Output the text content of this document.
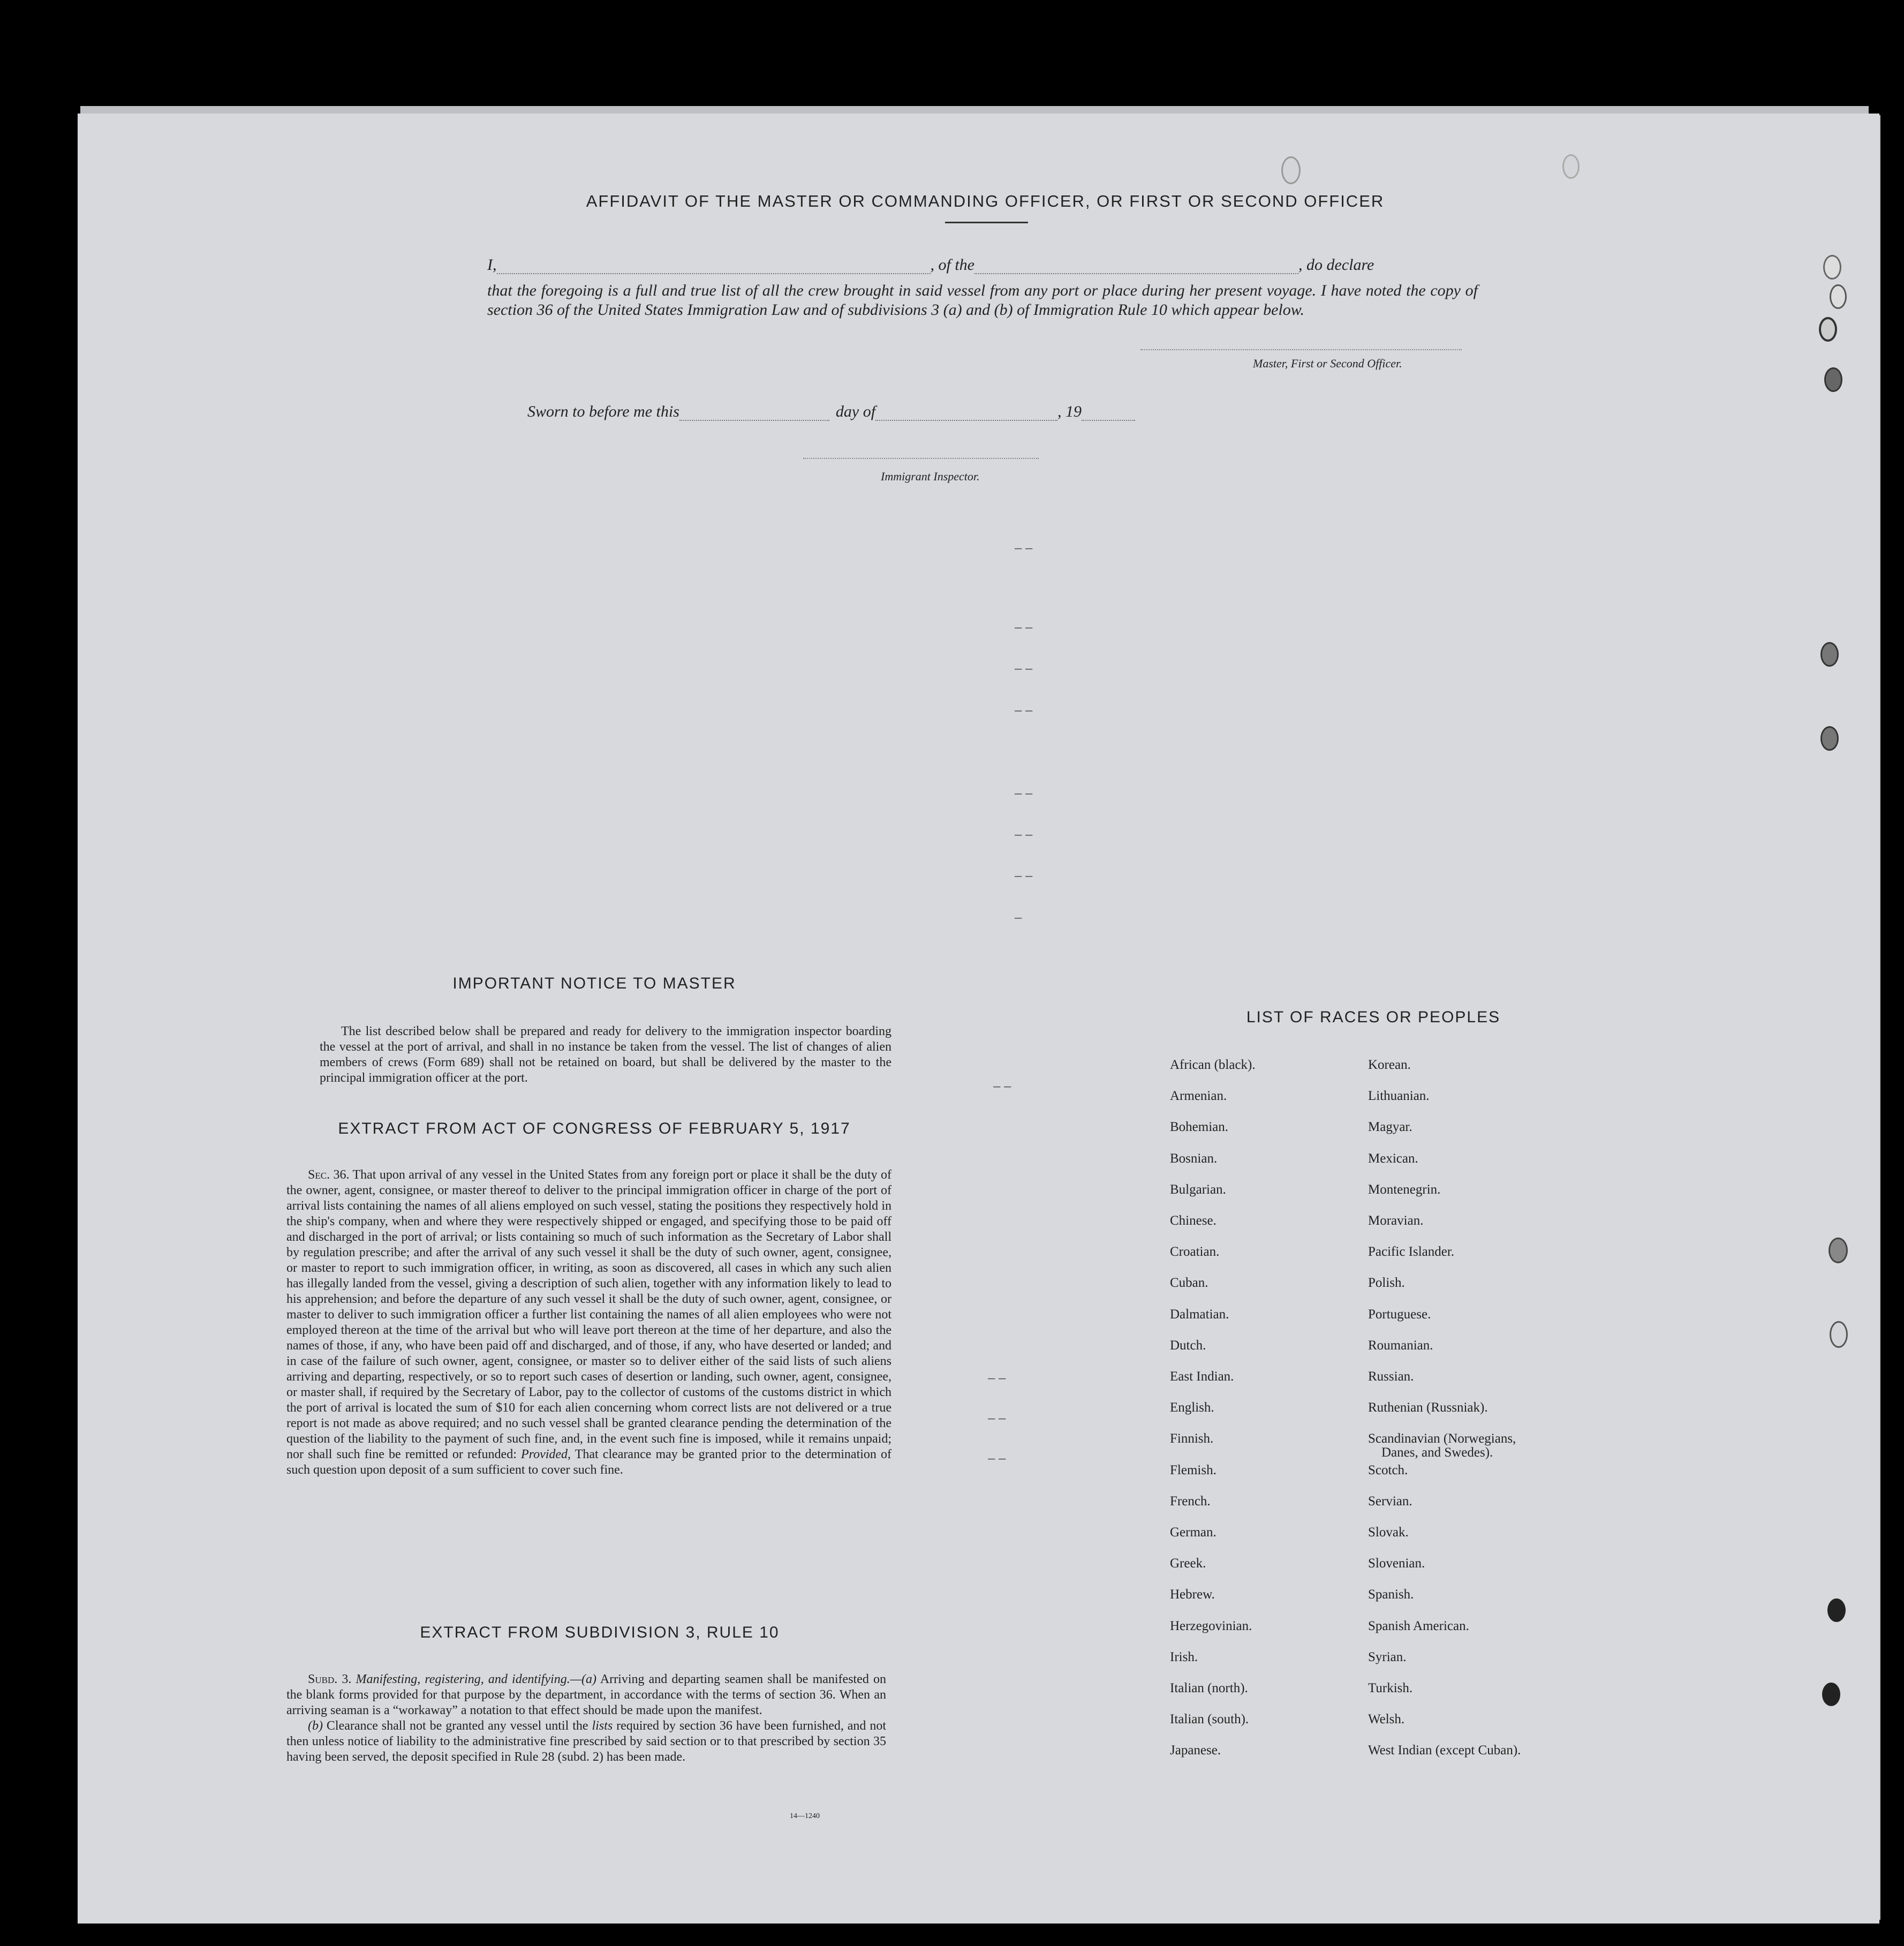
– –
– –
– –
– –
– –
– –
– –
–
– –
– –
– –
– –
AFFIDAVIT OF THE MASTER OR COMMANDING OFFICER, OR FIRST OR SECOND OFFICER
I,	, of the	, do declare
that the foregoing is a full and true list of all the crew brought in said vessel from any port or place during her present voyage. I have noted the copy of section 36 of the United States Immigration Law and of subdivisions 3 (a) and (b) of Immigration Rule 10 which appear below.
Master, First or Second Officer.
Sworn to before me this	day of	, 19
Immigrant Inspector.
IMPORTANT NOTICE TO MASTER

The list described below shall be prepared and ready for delivery to the immigration inspector boarding the vessel at the port of arrival, and shall in no instance be taken from the vessel. The list of changes of alien members of crews (Form 689) shall not be retained on board, but shall be delivered by the master to the principal immigration officer at the port.

EXTRACT FROM ACT OF CONGRESS OF FEBRUARY 5, 1917

Sec. 36. That upon arrival of any vessel in the United States from any foreign port or place it shall be the duty of the owner, agent, consignee, or master thereof to deliver to the principal immigration officer in charge of the port of arrival lists containing the names of all aliens employed on such vessel, stating the positions they respectively hold in the ship's company, when and where they were respectively shipped or engaged, and specifying those to be paid off and discharged in the port of arrival; or lists containing so much of such information as the Secretary of Labor shall by regulation prescribe; and after the arrival of any such vessel it shall be the duty of such owner, agent, consignee, or master to report to such immigration officer, in writing, as soon as discovered, all cases in which any such alien has illegally landed from the vessel, giving a description of such alien, together with any information likely to lead to his apprehension; and before the departure of any such vessel it shall be the duty of such owner, agent, consignee, or master to deliver to such immigration officer a further list containing the names of all alien employees who were not employed thereon at the time of the arrival but who will leave port thereon at the time of her departure, and also the names of those, if any, who have been paid off and discharged, and of those, if any, who have deserted or landed; and in case of the failure of such owner, agent, consignee, or master so to deliver either of the said lists of such aliens arriving and departing, respectively, or so to report such cases of desertion or landing, such owner, agent, consignee, or master shall, if required by the Secretary of Labor, pay to the collector of customs of the customs district in which the port of arrival is located the sum of $10 for each alien concerning whom correct lists are not delivered or a true report is not made as above required; and no such vessel shall be granted clearance pending the determination of the question of the liability to the payment of such fine, and, in the event such fine is imposed, while it remains unpaid; nor shall such fine be remitted or refunded: Provided, That clearance may be granted prior to the determination of such question upon deposit of a sum sufficient to cover such fine.

EXTRACT FROM SUBDIVISION 3, RULE 10

Subd. 3. Manifesting, registering, and identifying.—(a) Arriving and departing seamen shall be manifested on the blank forms provided for that purpose by the department, in accordance with the terms of section 36. When an arriving seaman is a “workaway” a notation to that effect should be made upon the manifest.

(b) Clearance shall not be granted any vessel until the lists required by section 36 have been furnished, and not then unless notice of liability to the administrative fine prescribed by said section or to that prescribed by section 35 having been served, the deposit specified in Rule 28 (subd. 2) has been made.

14—1240
LIST OF RACES OR PEOPLES
African (black).
Armenian.
Bohemian.
Bosnian.
Bulgarian.
Chinese.
Croatian.
Cuban.
Dalmatian.
Dutch.
East Indian.
English.
Finnish.
Flemish.
French.
German.
Greek.
Hebrew.
Herzegovinian.
Irish.
Italian (north).
Italian (south).
Japanese.
Korean.
Lithuanian.
Magyar.
Mexican.
Montenegrin.
Moravian.
Pacific Islander.
Polish.
Portuguese.
Roumanian.
Russian.
Ruthenian (Russniak).
Scandinavian (Norwegians,
Scotch.
Servian.
Slovak.
Slovenian.
Spanish.
Spanish American.
Syrian.
Turkish.
Welsh.
West Indian (except Cuban).
Danes, and Swedes).
